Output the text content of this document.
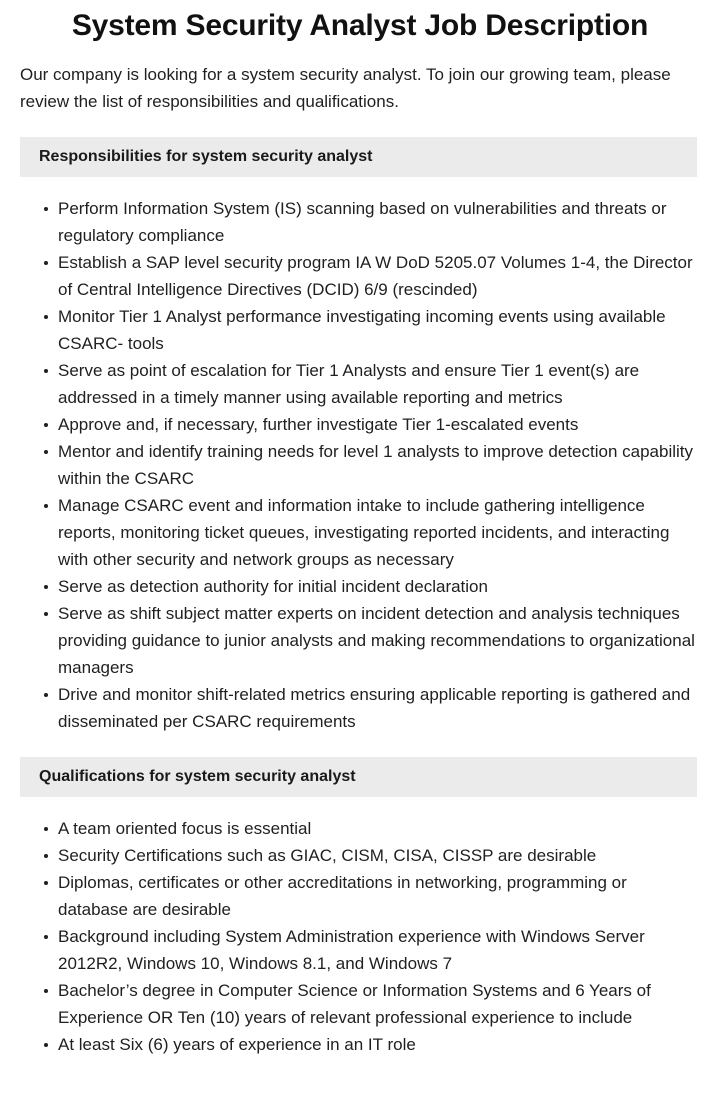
System Security Analyst Job Description

Our company is looking for a system security analyst. To join our growing team, please review the list of responsibilities and qualifications.

Responsibilities for system security analyst
Perform Information System (IS) scanning based on vulnerabilities and threats or regulatory compliance
Establish a SAP level security program IA W DoD 5205.07 Volumes 1-4, the Director of Central Intelligence Directives (DCID) 6/9 (rescinded)
Monitor Tier 1 Analyst performance investigating incoming events using available CSARC- tools
Serve as point of escalation for Tier 1 Analysts and ensure Tier 1 event(s) are addressed in a timely manner using available reporting and metrics
Approve and, if necessary, further investigate Tier 1-escalated events
Mentor and identify training needs for level 1 analysts to improve detection capability within the CSARC
Manage CSARC event and information intake to include gathering intelligence reports, monitoring ticket queues, investigating reported incidents, and interacting with other security and network groups as necessary
Serve as detection authority for initial incident declaration
Serve as shift subject matter experts on incident detection and analysis techniques providing guidance to junior analysts and making recommendations to organizational managers
Drive and monitor shift-related metrics ensuring applicable reporting is gathered and disseminated per CSARC requirements
Qualifications for system security analyst
A team oriented focus is essential
Security Certifications such as GIAC, CISM, CISA, CISSP are desirable
Diplomas, certificates or other accreditations in networking, programming or database are desirable
Background including System Administration experience with Windows Server 2012R2, Windows 10, Windows 8.1, and Windows 7
Bachelor’s degree in Computer Science or Information Systems and 6 Years of Experience OR Ten (10) years of relevant professional experience to include
At least Six (6) years of experience in an IT role
